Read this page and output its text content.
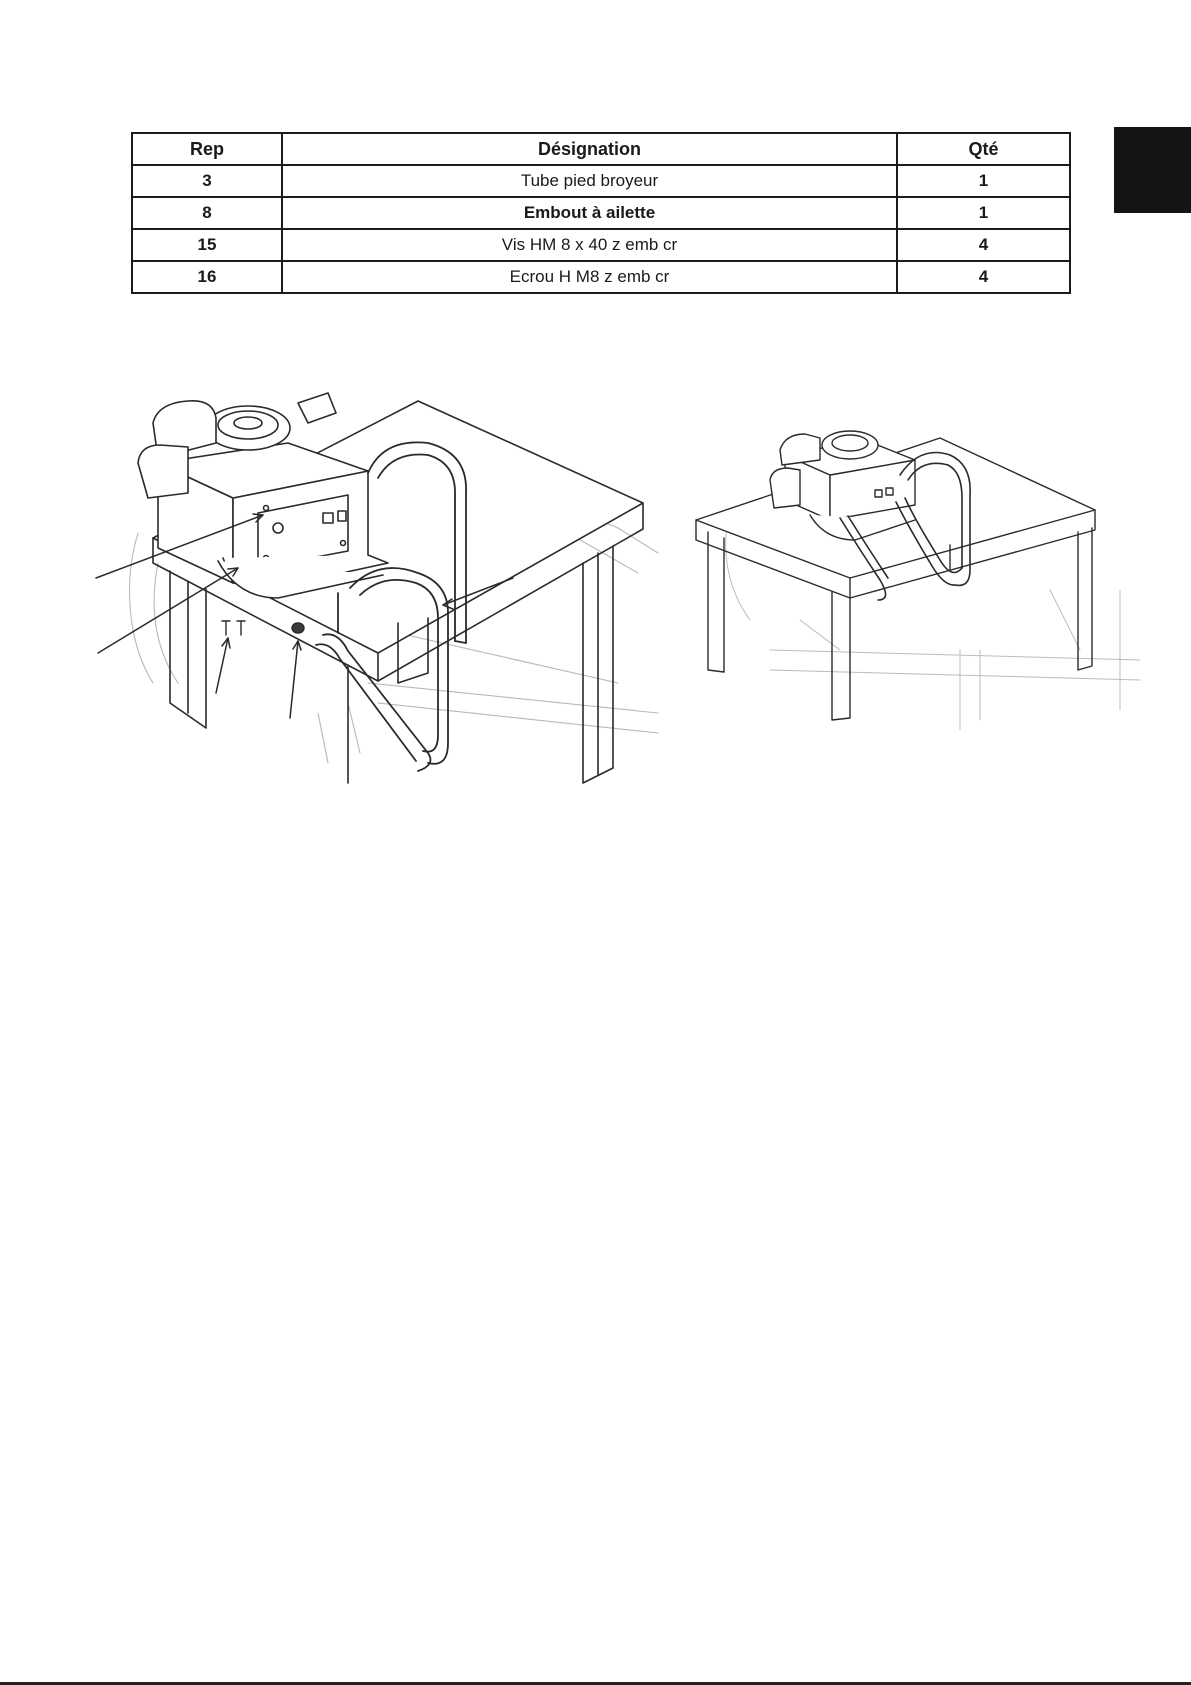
Rep	Désignation	Qté
3	Tube pied broyeur	1
8	Embout à ailette	1
15	Vis HM 8 x 40 z emb cr	4
16	Ecrou H M8 z emb cr	4
